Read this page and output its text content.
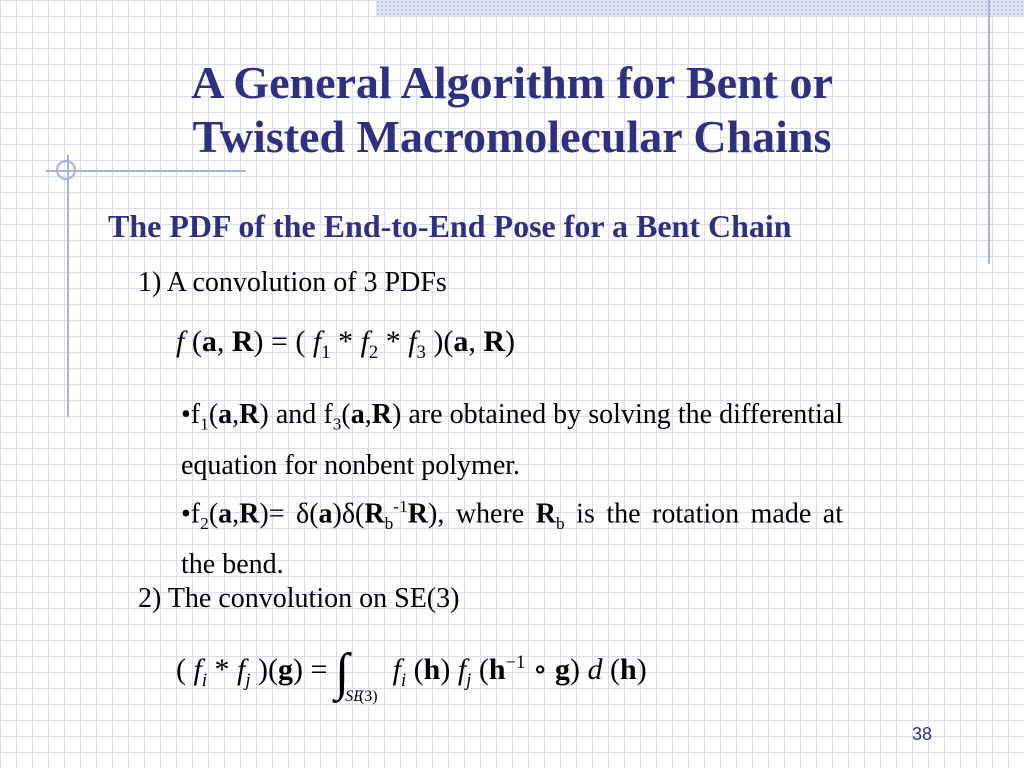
A General Algorithm for Bent or
Twisted Macromolecular Chains
The PDF of the End-to-End Pose for a Bent Chain

1) A convolution of 3 PDFs

f (a, R) = ( $f_1 * f_2 * f_3$ )(a, R)

$•f_1(a,R)$ and $f_3(a,R)$ are obtained by solving the differential equation for nonbent polymer.

$•f_2(a,R)= \delta(a)\delta(R_b^{-1}R)$, where $R_b$ is the rotation made at the bend.

2) The convolution on SE(3)

( $f_i * f_j$ )$(g) = \int_{SE(3)}$  $f_i$ (h) $f_j$ ($h^{-1}$ ∘ g) d (h)
38
